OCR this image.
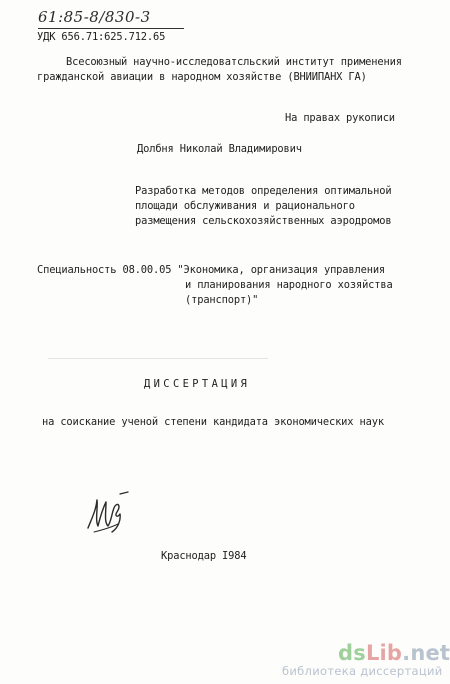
61:85-8/830-3
УДК 656.71:625.712.65
Всесоюзный научно-исследоватсльский институт применения
гражданской авиации в народном хозяйстве (ВНИИПАНХ ГА)
На правах рукописи
Долбня Николай Владимирович
Разработка методов определения оптимальной
площади обслуживания и рационального
размещения сельскохозяйственных аэродромов
Специальность 08.00.05 "Экономика, организация управления
и планирования народного хозяйства
(транспорт)"
ДИССЕРТАЦИЯ
на соискание ученой степени кандидата экономических наук
Краснодар I984
dsLib.net
библиотека диссертаций
